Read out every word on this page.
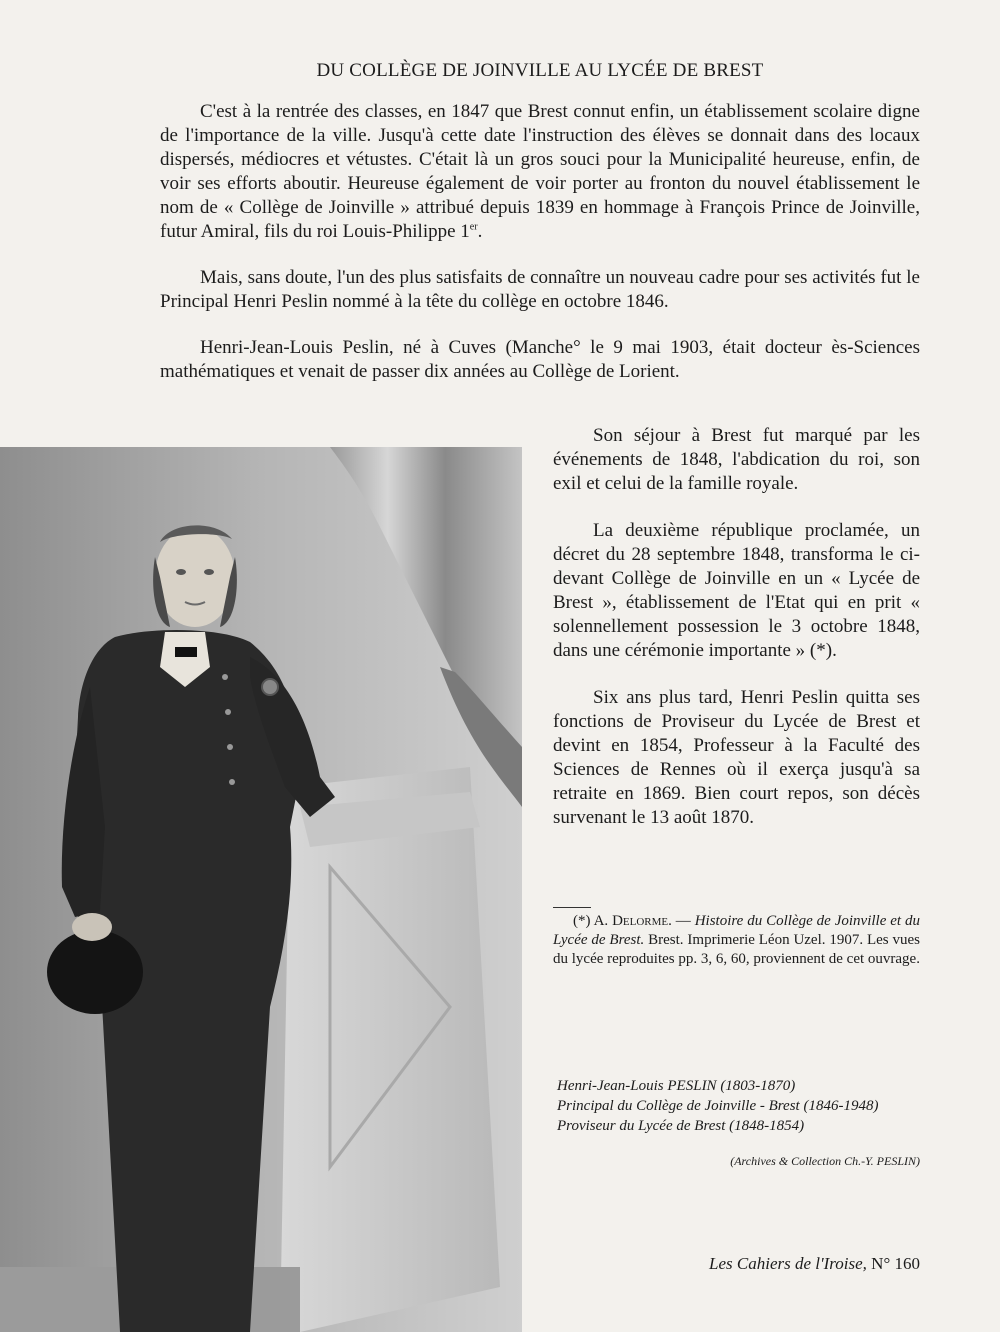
DU COLLÈGE DE JOINVILLE AU LYCÉE DE BREST

C'est à la rentrée des classes, en 1847 que Brest connut enfin, un établissement scolaire digne de l'importance de la ville. Jusqu'à cette date l'instruction des élèves se donnait dans des locaux dispersés, médiocres et vétustes. C'était là un gros souci pour la Municipalité heureuse, enfin, de voir ses efforts aboutir. Heureuse également de voir porter au fronton du nouvel établissement le nom de « Collège de Joinville » attribué depuis 1839 en hommage à François Prince de Joinville, futur Amiral, fils du roi Louis-Philippe 1er.

Mais, sans doute, l'un des plus satisfaits de connaître un nouveau cadre pour ses activités fut le Principal Henri Peslin nommé à la tête du collège en octobre 1846.

Henri-Jean-Louis Peslin, né à Cuves (Manche° le 9 mai 1903, était docteur ès-Sciences mathématiques et venait de passer dix années au Collège de Lorient.

Son séjour à Brest fut marqué par les événements de 1848, l'abdication du roi, son exil et celui de la famille royale.

La deuxième république proclamée, un décret du 28 septembre 1848, transforma le ci-devant Collège de Joinville en un « Lycée de Brest », établissement de l'Etat qui en prit « solennellement possession le 3 octobre 1848, dans une cérémonie importante » (*).

Six ans plus tard, Henri Peslin quitta ses fonctions de Proviseur du Lycée de Brest et devint en 1854, Professeur à la Faculté des Sciences de Rennes où il exerça jusqu'à sa retraite en 1869. Bien court repos, son décès survenant le 13 août 1870.

(*) A. Delorme. — Histoire du Collège de Joinville et du Lycée de Brest. Brest. Imprimerie Léon Uzel. 1907. Les vues du lycée reproduites pp. 3, 6, 60, proviennent de cet ouvrage.
Henri-Jean-Louis PESLIN (1803-1870)
Principal du Collège de Joinville - Brest (1846-1948)
Proviseur du Lycée de Brest (1848-1854)
(Archives & Collection Ch.-Y. PESLIN)
Les Cahiers de l'Iroise, N° 160
